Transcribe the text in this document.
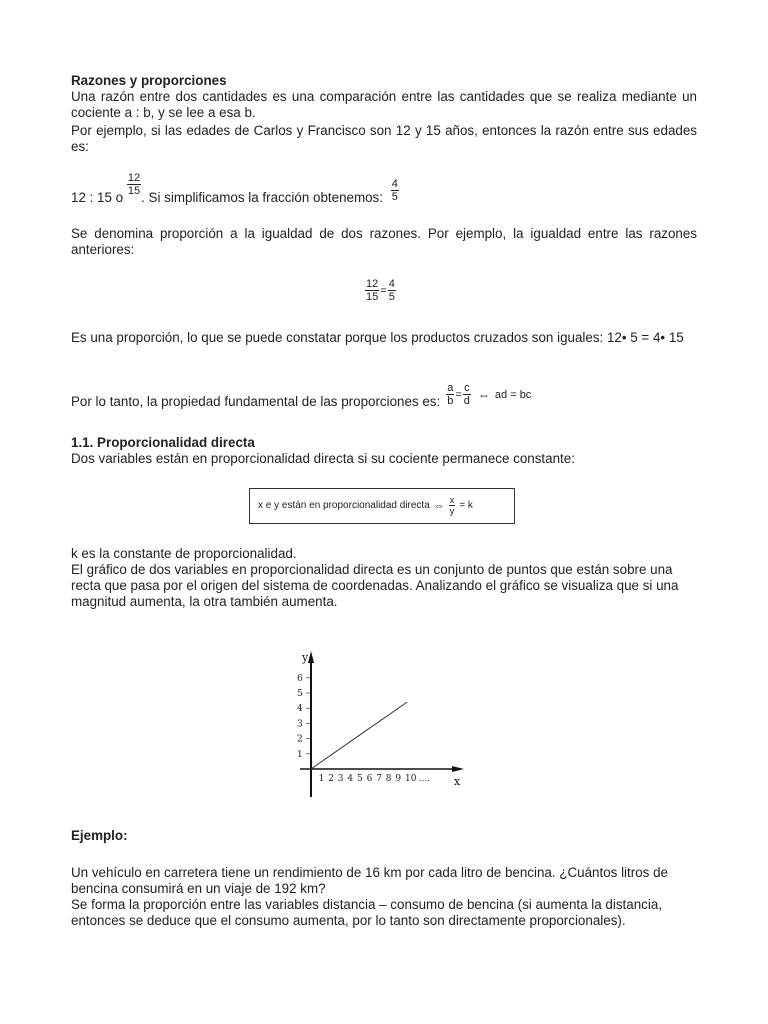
Razones y proporciones
Una razón entre dos cantidades es una comparación entre las cantidades que se realiza mediante un cociente a : b, y se lee a esa b.
Por ejemplo, si las edades de Carlos y Francisco son 12 y 15 años, entonces la razón entre sus edades es:
12 : 15 o
$\frac{12}{15}$
. Si simplificamos la fracción obtenemos: $\frac{4}{5}$
Se denomina proporción a la igualdad de dos razones. Por ejemplo, la igualdad entre las razones anteriores:
$\frac{12}{15} = \frac{4}{5}$
Es una proporción, lo que se puede constatar porque los productos cruzados son iguales: 12• 5 = 4• 15
Por lo tanto, la propiedad fundamental de las proporciones es: $\frac{a}{b} = \frac{c}{d}$ ⇔ ad = bc
1.1. Proporcionalidad directa
Dos variables están en proporcionalidad directa si su cociente permanece constante:
x e y están en proporcionalidad directa ⇔ $\frac{x}{y} = k$
k es la constante de proporcionalidad.
El gráfico de dos variables en proporcionalidad directa es un conjunto de puntos que están sobre una recta que pasa por el origen del sistema de coordenadas. Analizando el gráfico se visualiza que si una magnitud aumenta, la otra también aumenta.
y
x
1
2
3
4
5
6
1 2 3 4 5 6 7 8 9 10 ....
Ejemplo:
Un vehículo en carretera tiene un rendimiento de 16 km por cada litro de bencina. ¿Cuántos litros de bencina consumirá en un viaje de 192 km?
Se forma la proporción entre las variables distancia – consumo de bencina (si aumenta la distancia, entonces se deduce que el consumo aumenta, por lo tanto son directamente proporcionales).
